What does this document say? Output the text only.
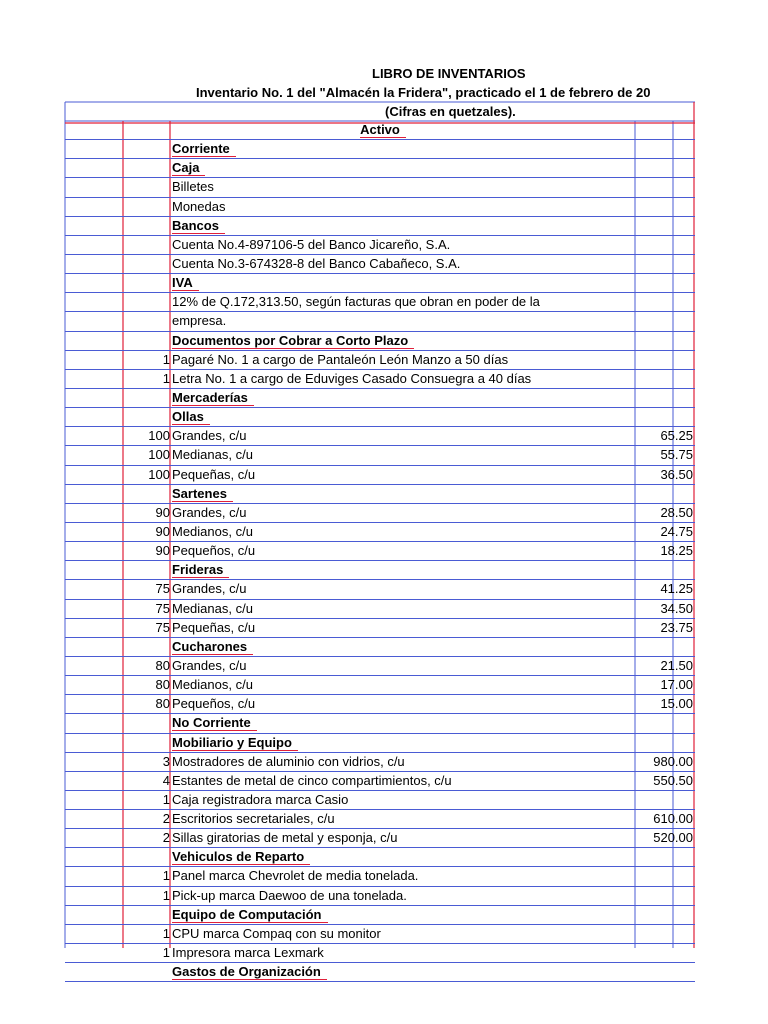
LIBRO DE INVENTARIOS
Inventario No. 1 del "Almacén la Fridera", practicado el 1 de febrero de 20
(Cifras en quetzales).
Activo
Corriente
Caja
Billetes
Monedas
Bancos
Cuenta No.4-897106-5 del Banco Jicareño, S.A.
Cuenta No.3-674328-8 del Banco Cabañeco, S.A.
IVA
12% de Q.172,313.50, según facturas que obran en poder de la
empresa.
Documentos por Cobrar a Corto Plazo
1 Pagaré No. 1 a cargo de Pantaleón León Manzo a 50 días
1 Letra No. 1 a cargo de Eduviges Casado Consuegra a 40 días
Mercaderías
Ollas
100 Grandes, c/u	65.25
100 Medianas, c/u	55.75
100 Pequeñas, c/u	36.50
Sartenes
90 Grandes, c/u	28.50
90 Medianos, c/u	24.75
90 Pequeños, c/u	18.25
Frideras
75 Grandes, c/u	41.25
75 Medianas, c/u	34.50
75 Pequeñas, c/u	23.75
Cucharones
80 Grandes, c/u	21.50
80 Medianos, c/u	17.00
80 Pequeños, c/u	15.00
No Corriente
Mobiliario y Equipo
3 Mostradores de aluminio con vidrios, c/u	980.00
4 Estantes de metal de cinco compartimientos, c/u	550.50
1 Caja registradora marca Casio
2 Escritorios secretariales, c/u	610.00
2 Sillas giratorias de metal y esponja, c/u	520.00
Vehiculos de Reparto
1 Panel marca Chevrolet de media tonelada.
1 Pick-up marca Daewoo de una tonelada.
Equipo de Computación
1 CPU marca Compaq con su monitor
1 Impresora marca Lexmark
Gastos de Organización
